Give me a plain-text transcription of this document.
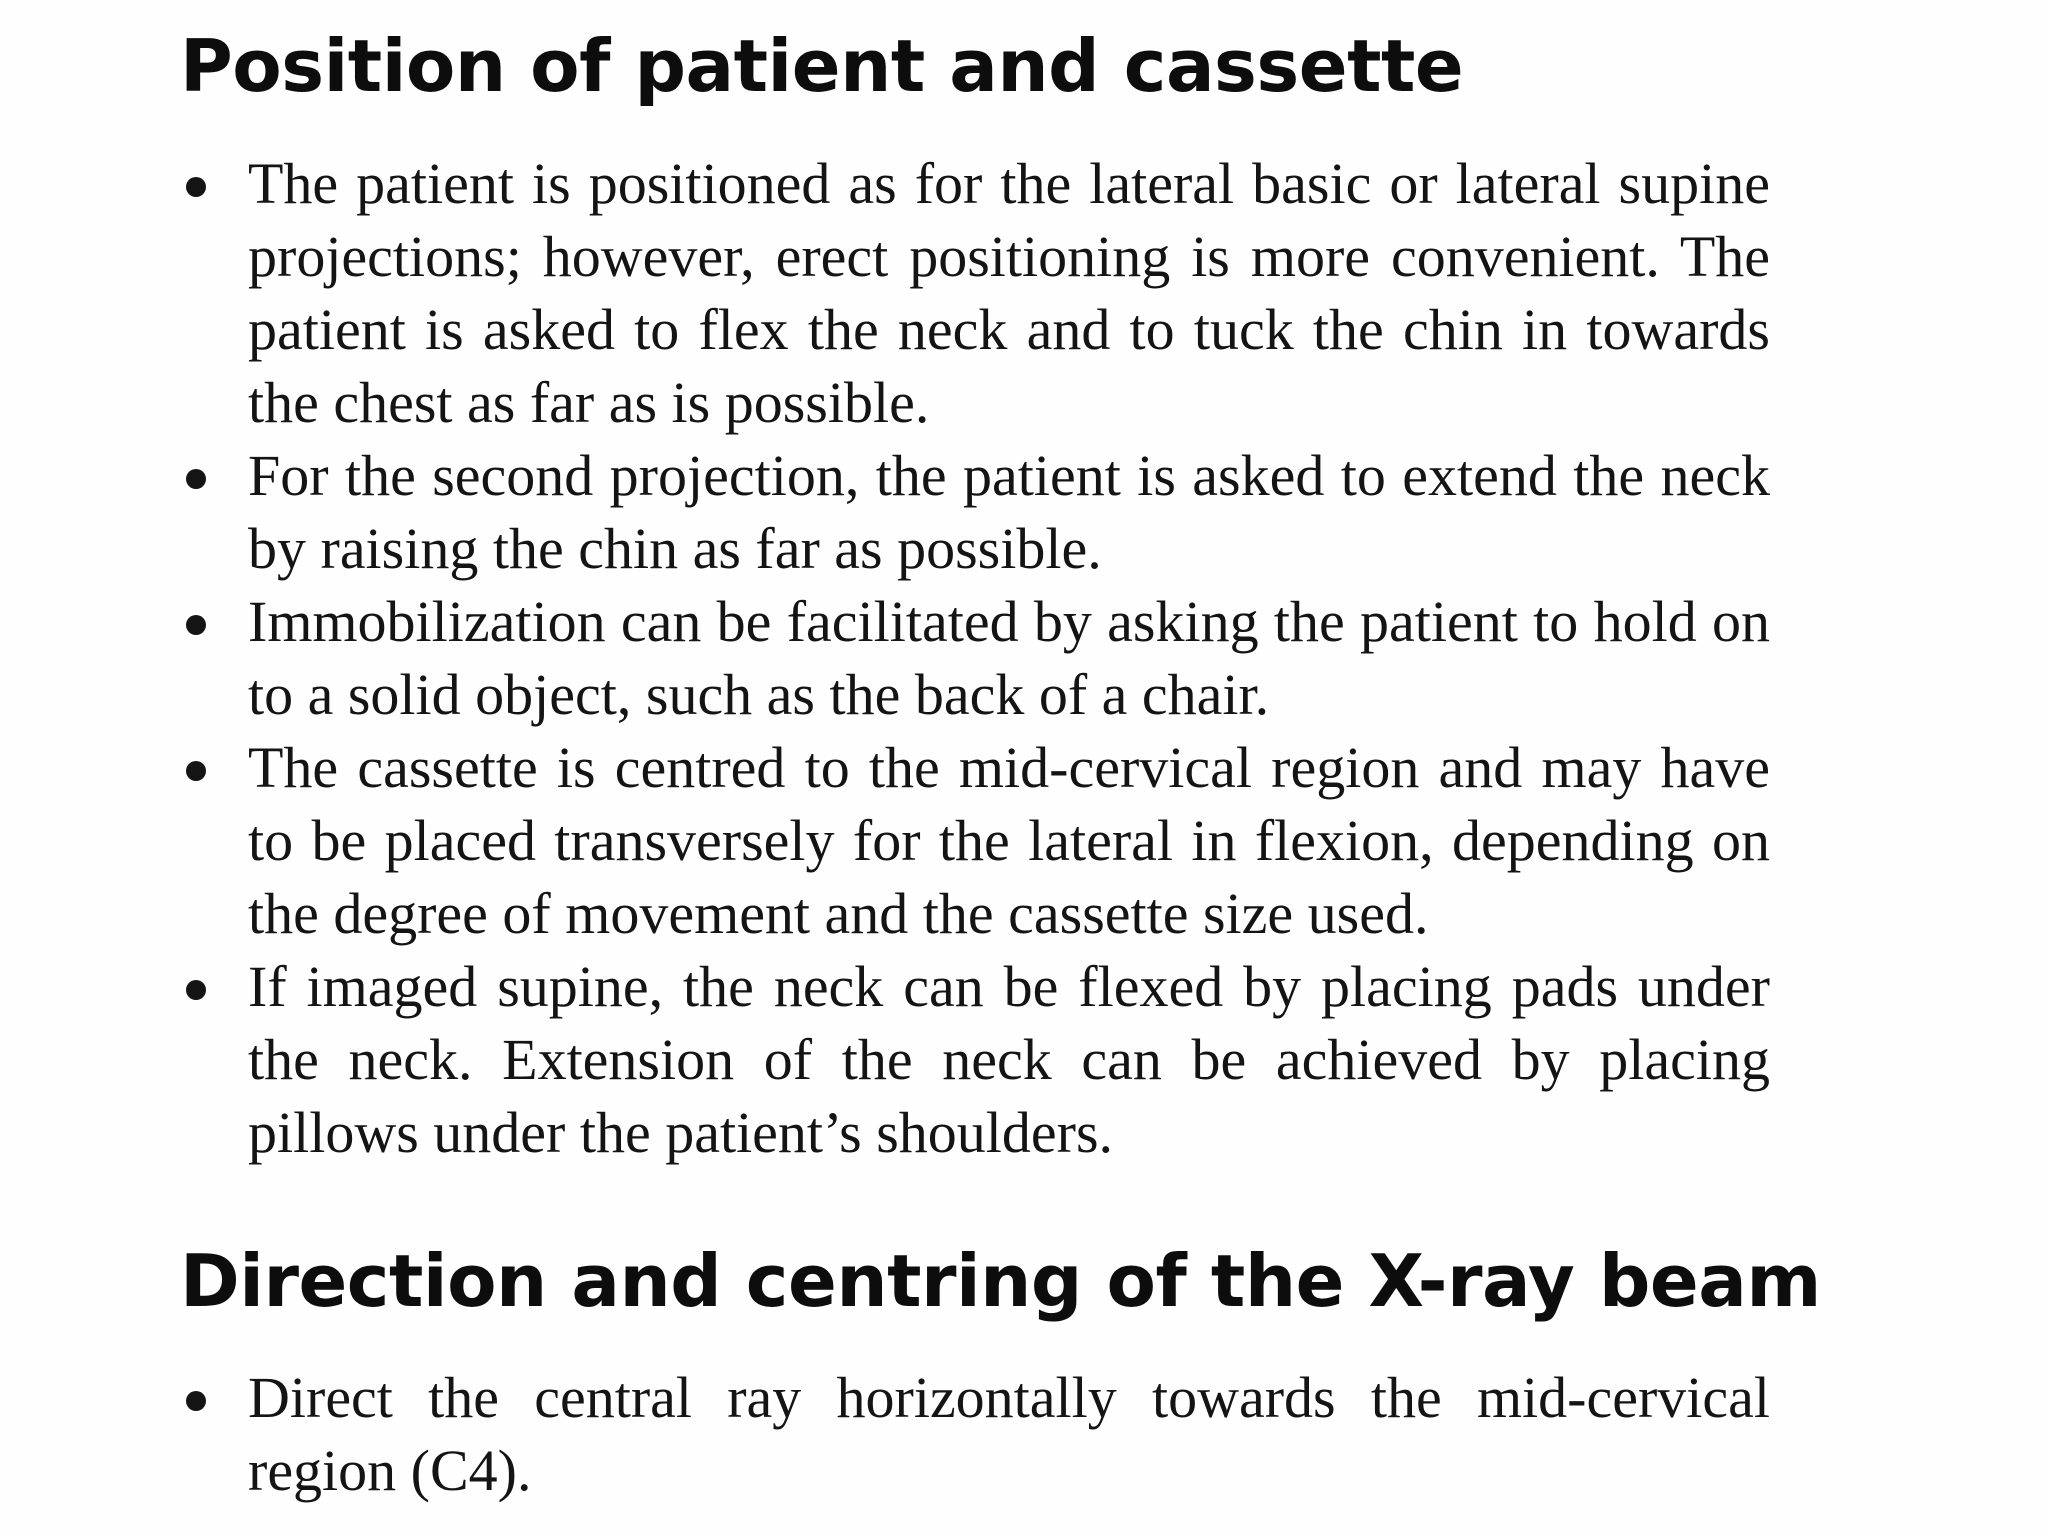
Position of patient and cassette
The patient is positioned as for the lateral basic or lateral supine projections; however, erect positioning is more convenient. The patient is asked to flex the neck and to tuck the chin in towards the chest as far as is possible.
For the second projection, the patient is asked to extend the neck by raising the chin as far as possible.
Immobilization can be facilitated by asking the patient to hold on to a solid object, such as the back of a chair.
The cassette is centred to the mid-cervical region and may have to be placed transversely for the lateral in flexion, depending on the degree of movement and the cassette size used.
If imaged supine, the neck can be flexed by placing pads under the neck. Extension of the neck can be achieved by placing pillows under the patient’s shoulders.
Direction and centring of the X-ray beam
Direct the central ray horizontally towards the mid-cervical region (C4).
